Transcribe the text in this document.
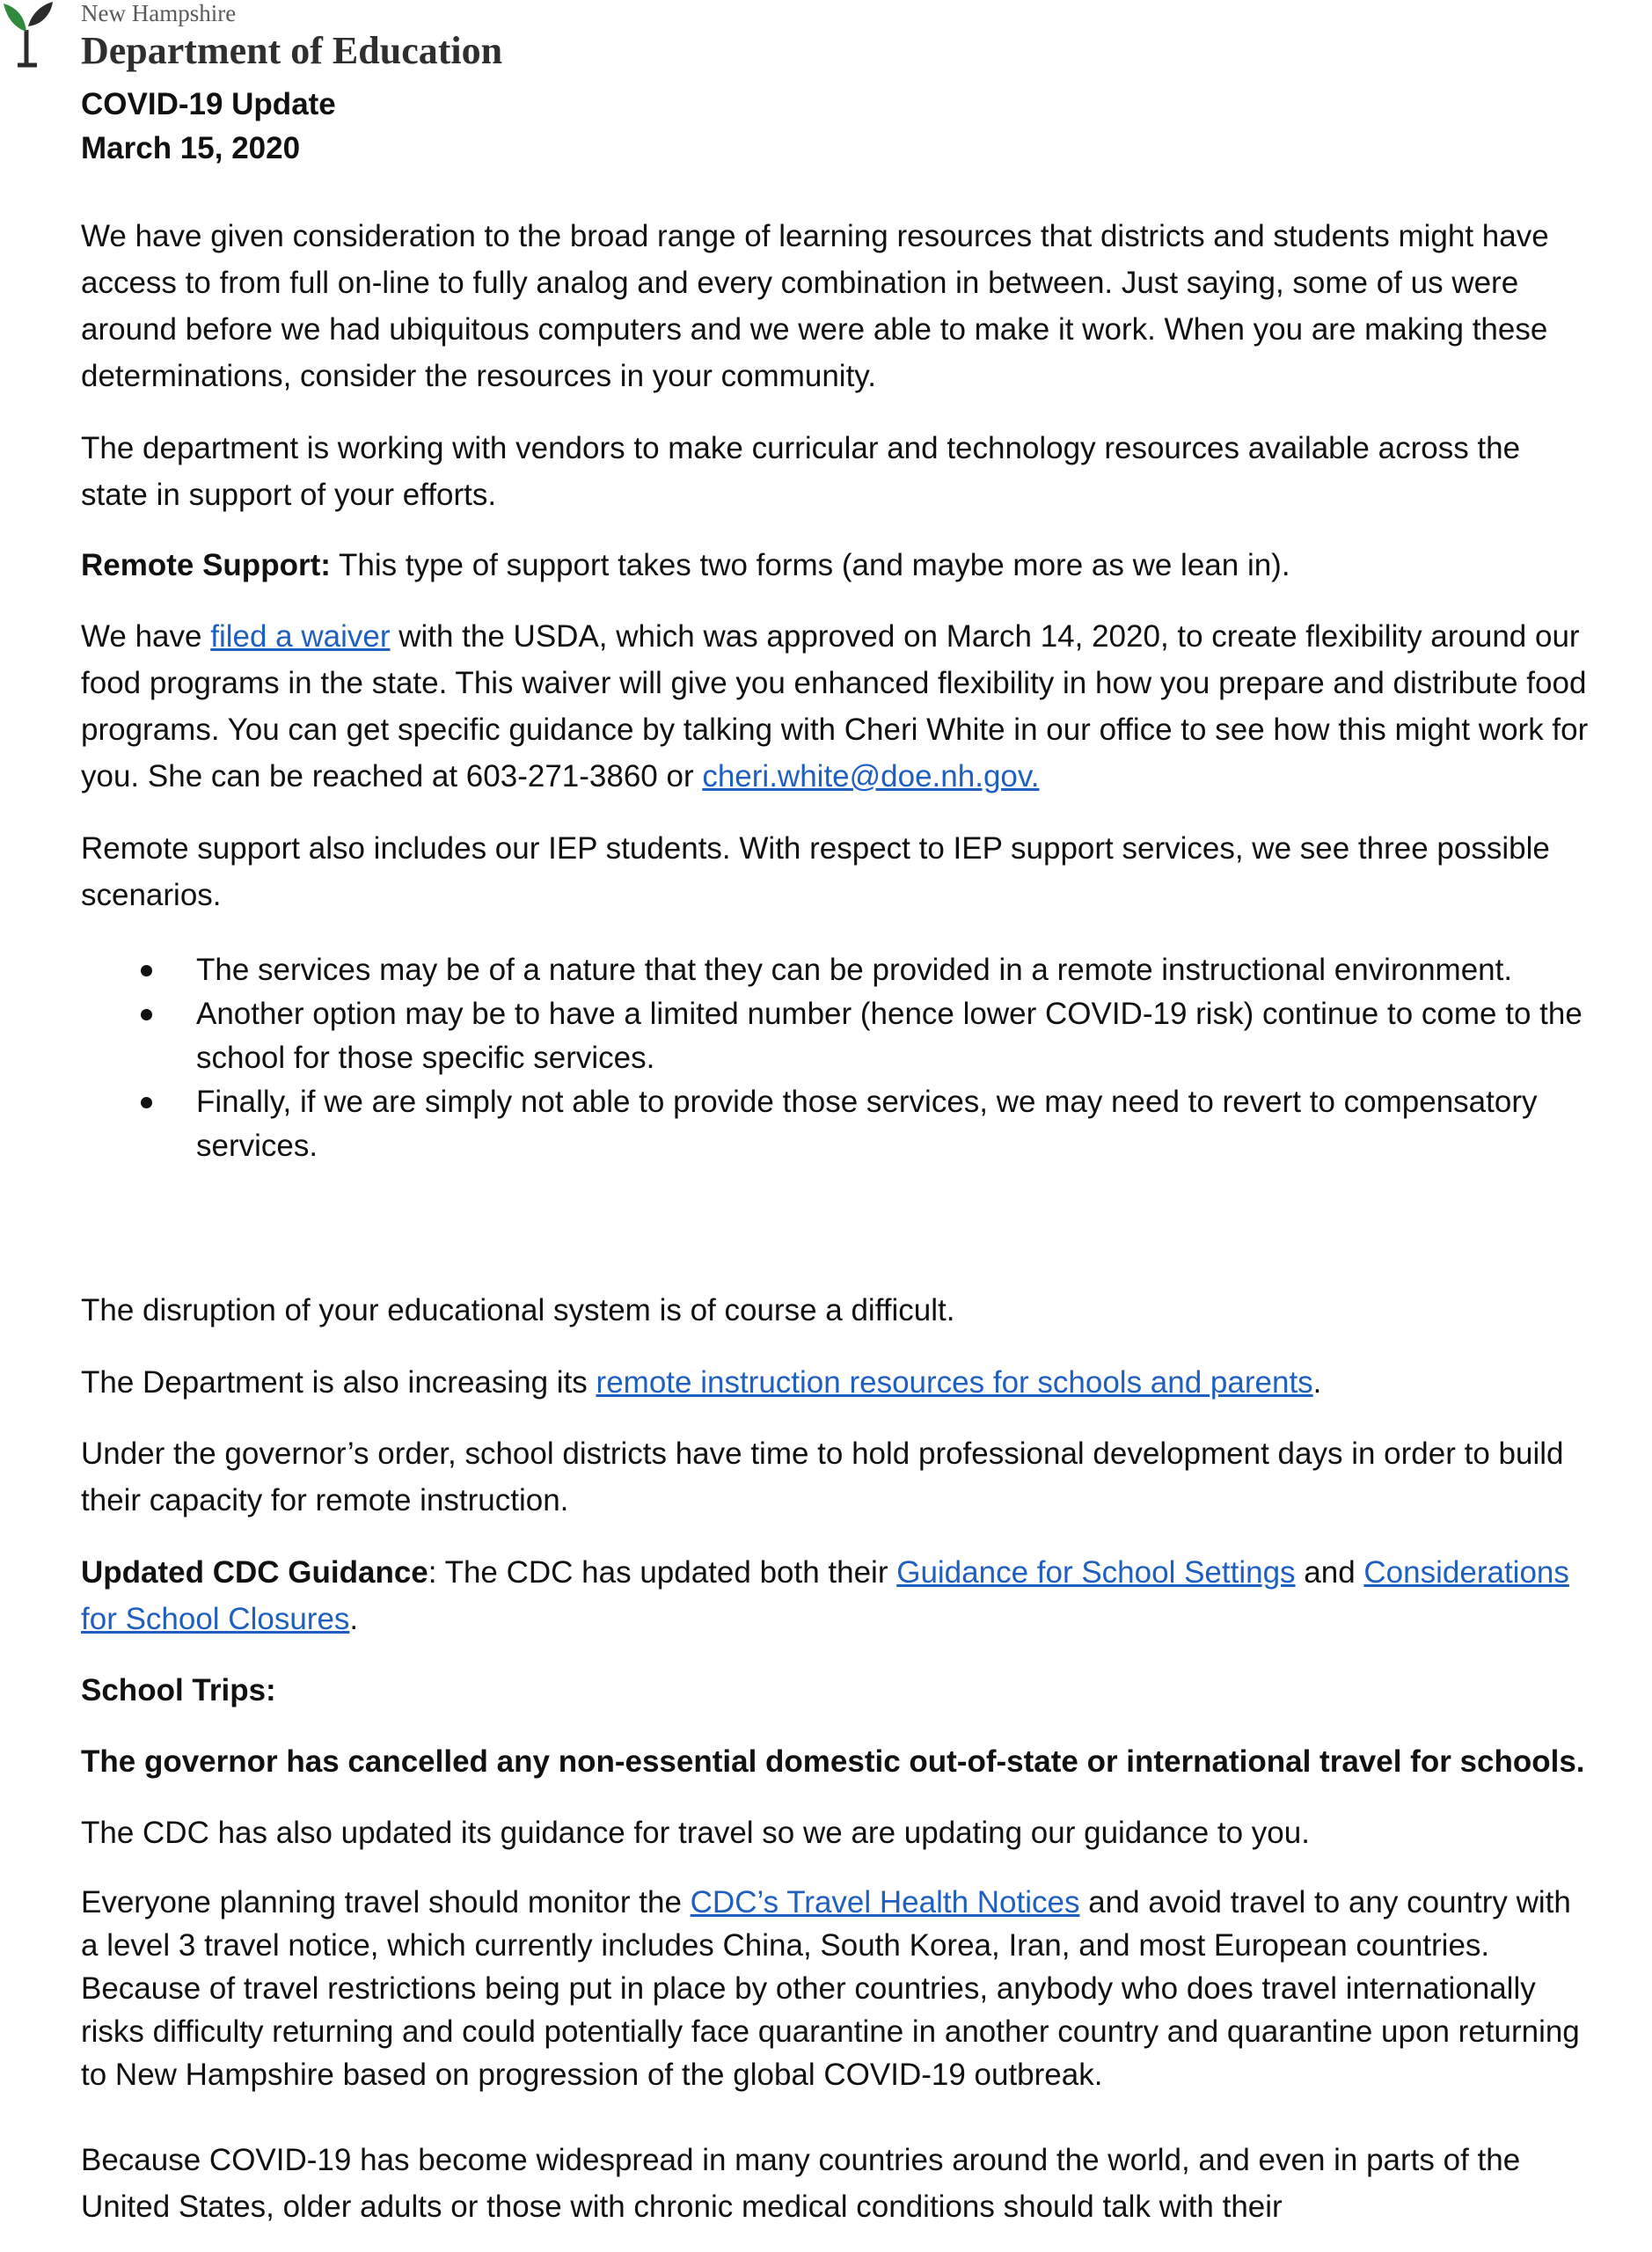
New Hampshire
Department of Education
COVID-19 Update
March 15, 2020

We have given consideration to the broad range of learning resources that districts and students might have access to from full on-line to fully analog and every combination in between. Just saying, some of us were around before we had ubiquitous computers and we were able to make it work. When you are making these determinations, consider the resources in your community.

The department is working with vendors to make curricular and technology resources available across the state in support of your efforts.

Remote Support: This type of support takes two forms (and maybe more as we lean in).

We have filed a waiver with the USDA, which was approved on March 14, 2020, to create flexibility around our food programs in the state. This waiver will give you enhanced flexibility in how you prepare and distribute food programs. You can get specific guidance by talking with Cheri White in our office to see how this might work for you. She can be reached at 603-271-3860 or cheri.white@doe.nh.gov.

Remote support also includes our IEP students. With respect to IEP support services, we see three possible scenarios.

The services may be of a nature that they can be provided in a remote instructional environment.
Another option may be to have a limited number (hence lower COVID-19 risk) continue to come to the school for those specific services.
Finally, if we are simply not able to provide those services, we may need to revert to compensatory services.

The disruption of your educational system is of course a difficult.

The Department is also increasing its remote instruction resources for schools and parents.

Under the governor’s order, school districts have time to hold professional development days in order to build their capacity for remote instruction.

Updated CDC Guidance: The CDC has updated both their Guidance for School Settings and Considerations for School Closures.

School Trips:

The governor has cancelled any non-essential domestic out-of-state or international travel for schools.

The CDC has also updated its guidance for travel so we are updating our guidance to you.

Everyone planning travel should monitor the CDC’s Travel Health Notices and avoid travel to any country with a level 3 travel notice, which currently includes China, South Korea, Iran, and most European countries. Because of travel restrictions being put in place by other countries, anybody who does travel internationally risks difficulty returning and could potentially face quarantine in another country and quarantine upon returning to New Hampshire based on progression of the global COVID-19 outbreak.

Because COVID-19 has become widespread in many countries around the world, and even in parts of the United States, older adults or those with chronic medical conditions should talk with their
